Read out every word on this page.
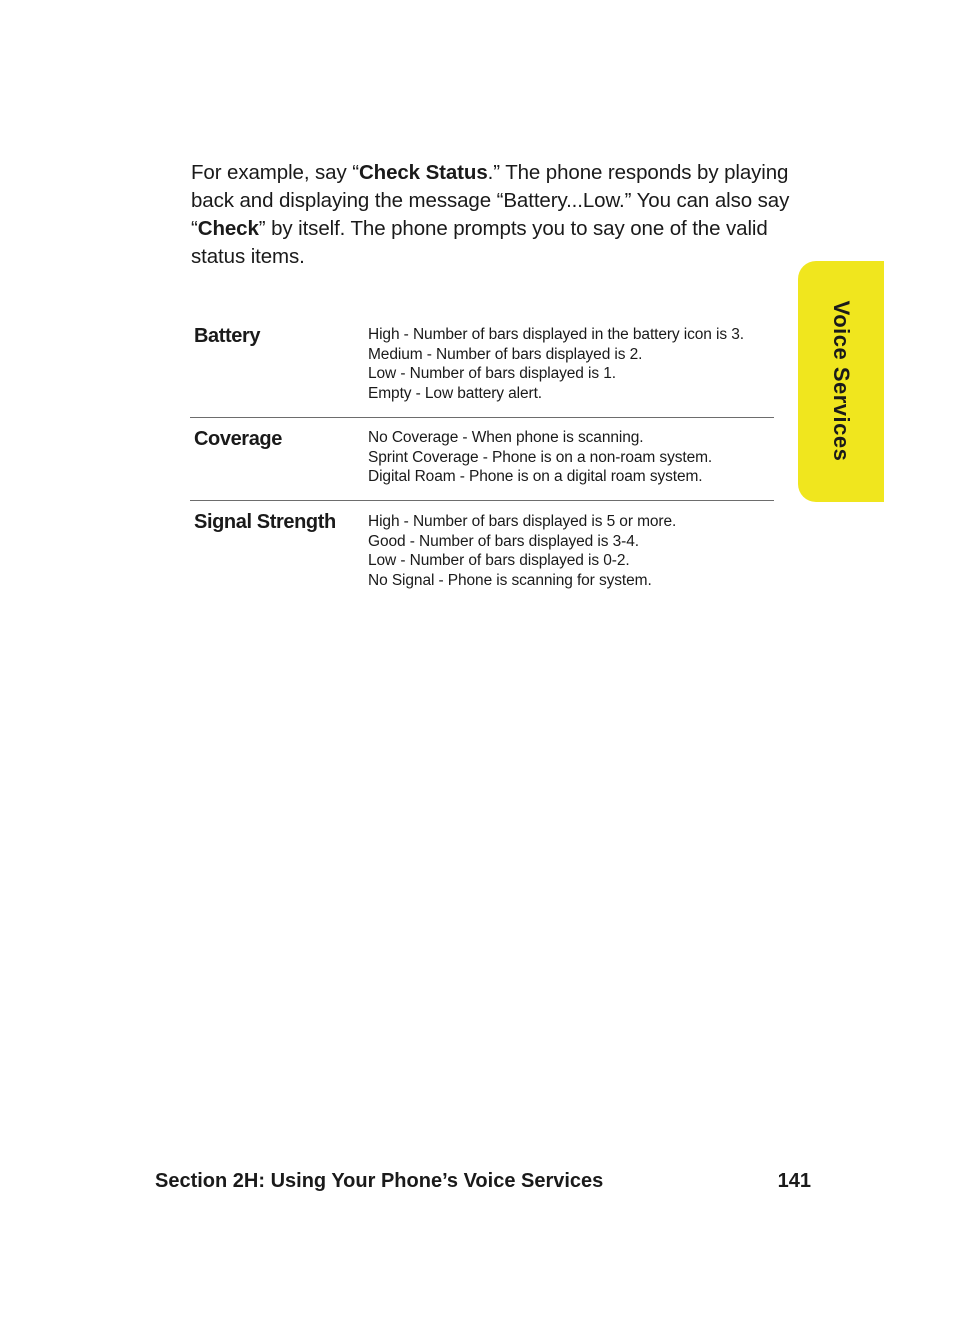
For example, say “Check Status.” The phone responds by playing back and displaying the message “Battery...Low.” You can also say “Check” by itself. The phone prompts you to say one of the valid status items.
Battery	High - Number of bars displayed in the battery icon is 3.
Medium - Number of bars displayed is 2.
Low - Number of bars displayed is 1.
Empty - Low battery alert.
Coverage	No Coverage - When phone is scanning.
Sprint Coverage - Phone is on a non-roam system.
Digital Roam - Phone is on a digital roam system.
Signal Strength	High - Number of bars displayed is 5 or more.
Good - Number of bars displayed is 3-4.
Low - Number of bars displayed is 0-2.
No Signal - Phone is scanning for system.
Voice Services
Section 2H: Using Your Phone’s Voice Services	141
